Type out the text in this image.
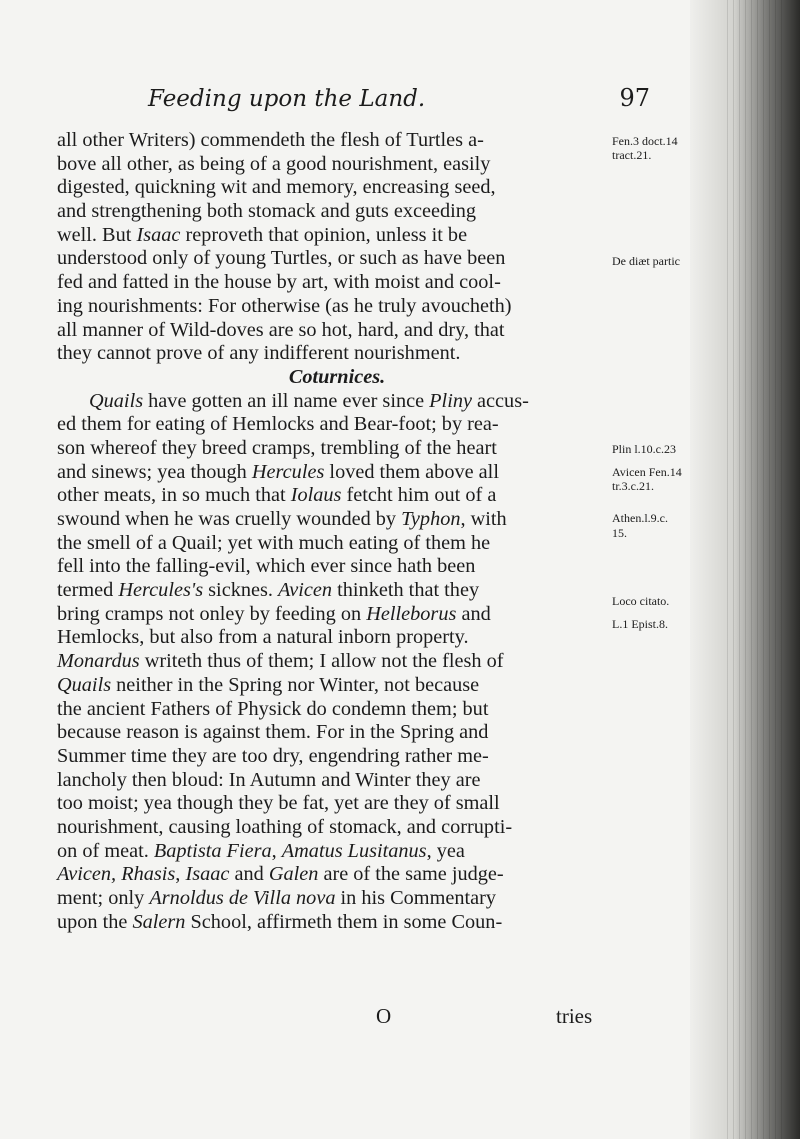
Feeding upon the Land.	97
all other Writers) commendeth the flesh of Turtles a-
bove all other, as being of a good nourishment, easily
digested, quickning wit and memory, encreasing seed,
and strengthening both stomack and guts exceeding
well. But Isaac reproveth that opinion, unless it be
understood only of young Turtles, or such as have been
fed and fatted in the house by art, with moist and cool-
ing nourishments: For otherwise (as he truly avoucheth)
all manner of Wild-doves are so hot, hard, and dry, that
they cannot prove of any indifferent nourishment.
Coturnices.
Quails have gotten an ill name ever since Pliny accus-
ed them for eating of Hemlocks and Bear-foot; by rea-
son whereof they breed cramps, trembling of the heart
and sinews; yea though Hercules loved them above all
other meats, in so much that Iolaus fetcht him out of a
swound when he was cruelly wounded by Typhon, with
the smell of a Quail; yet with much eating of them he
fell into the falling-evil, which ever since hath been
termed Hercules's sicknes. Avicen thinketh that they
bring cramps not onley by feeding on Helleborus and
Hemlocks, but also from a natural inborn property.
Monardus writeth thus of them; I allow not the flesh of
Quails neither in the Spring nor Winter, not because
the ancient Fathers of Physick do condemn them; but
because reason is against them. For in the Spring and
Summer time they are too dry, engendring rather me-
lancholy then bloud: In Autumn and Winter they are
too moist; yea though they be fat, yet are they of small
nourishment, causing loathing of stomack, and corrupti-
on of meat. Baptista Fiera, Amatus Lusitanus, yea
Avicen, Rhasis, Isaac and Galen are of the same judge-
ment; only Arnoldus de Villa nova in his Commentary
upon the Salern School, affirmeth them in some Coun-
Fen.3 doct.14
tract.21.
De diæt partic
Plin l.10.c.23
Avicen Fen.14
tr.3.c.21.
Athen.l.9.c.
15.
Loco citato.
L.1 Epist.8.
O	tries
